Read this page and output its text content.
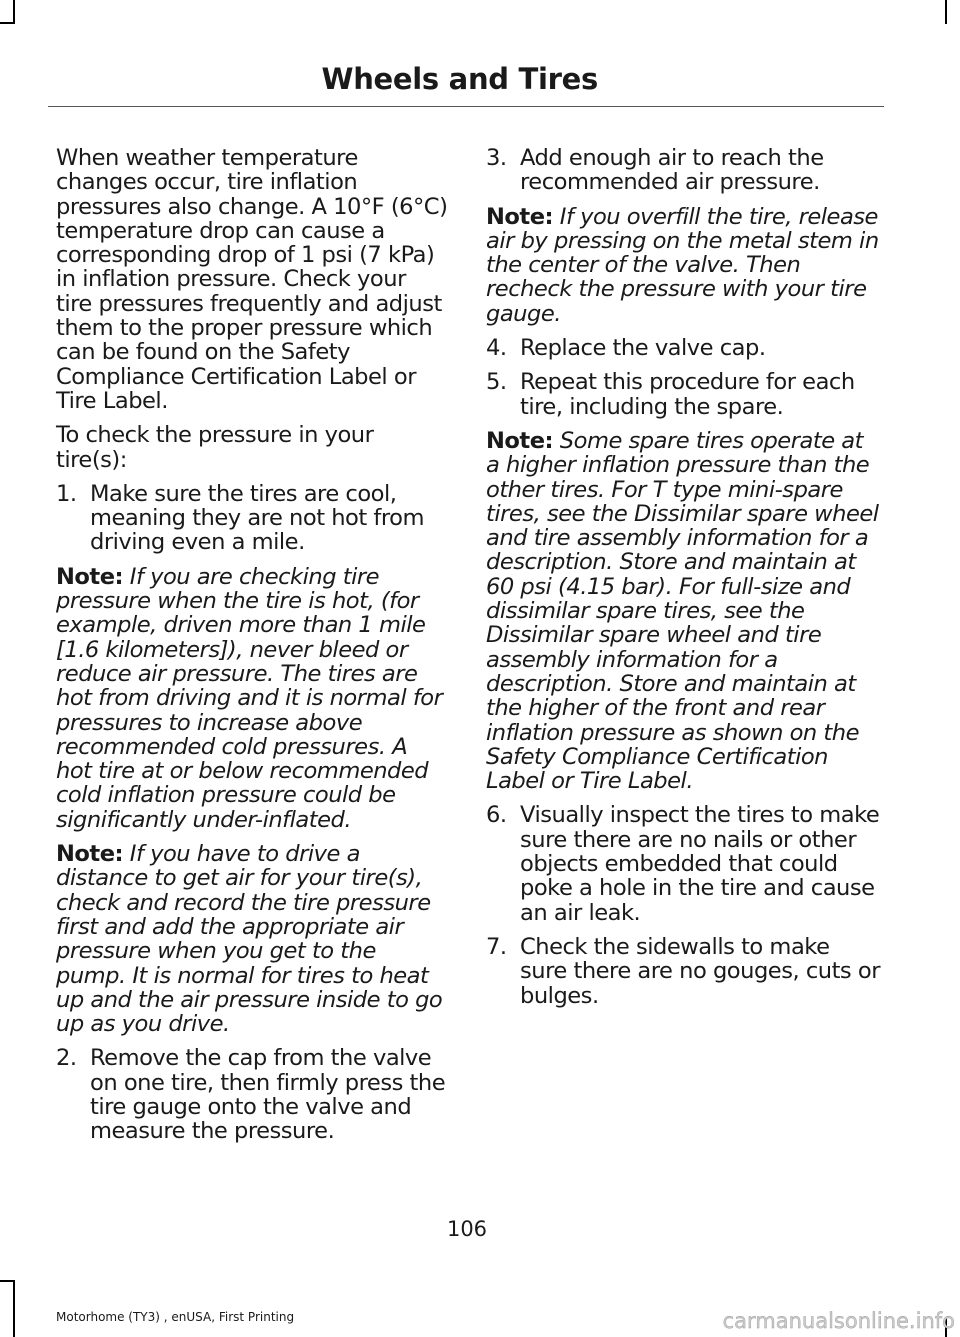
Wheels and Tires

When weather temperature changes occur, tire inflation pressures also change. A 10°F (6°C) temperature drop can cause a corresponding drop of 1 psi (7 kPa) in inflation pressure. Check your tire pressures frequently and adjust them to the proper pressure which can be found on the Safety Compliance Certification Label or Tire Label.

To check the pressure in your tire(s):

1. Make sure the tires are cool, meaning they are not hot from driving even a mile.

Note: If you are checking tire pressure when the tire is hot, (for example, driven more than 1 mile [1.6 kilometers]), never bleed or reduce air pressure. The tires are hot from driving and it is normal for pressures to increase above recommended cold pressures. A hot tire at or below recommended cold inflation pressure could be significantly under-inflated.

Note: If you have to drive a distance to get air for your tire(s), check and record the tire pressure first and add the appropriate air pressure when you get to the pump. It is normal for tires to heat up and the air pressure inside to go up as you drive.

2. Remove the cap from the valve on one tire, then firmly press the tire gauge onto the valve and measure the pressure.
3. Add enough air to reach the recommended air pressure.

Note: If you overfill the tire, release air by pressing on the metal stem in the center of the valve. Then recheck the pressure with your tire gauge.

4. Replace the valve cap.
5. Repeat this procedure for each tire, including the spare.

Note: Some spare tires operate at a higher inflation pressure than the other tires. For T type mini-spare tires, see the Dissimilar spare wheel and tire assembly information for a description. Store and maintain at 60 psi (4.15 bar). For full-size and dissimilar spare tires, see the Dissimilar spare wheel and tire assembly information for a description. Store and maintain at the higher of the front and rear inflation pressure as shown on the Safety Compliance Certification Label or Tire Label.

6. Visually inspect the tires to make sure there are no nails or other objects embedded that could poke a hole in the tire and cause an air leak.
7. Check the sidewalls to make sure there are no gouges, cuts or bulges.
106
Motorhome (TY3) , enUSA, First Printing	carmanualsonline.info
